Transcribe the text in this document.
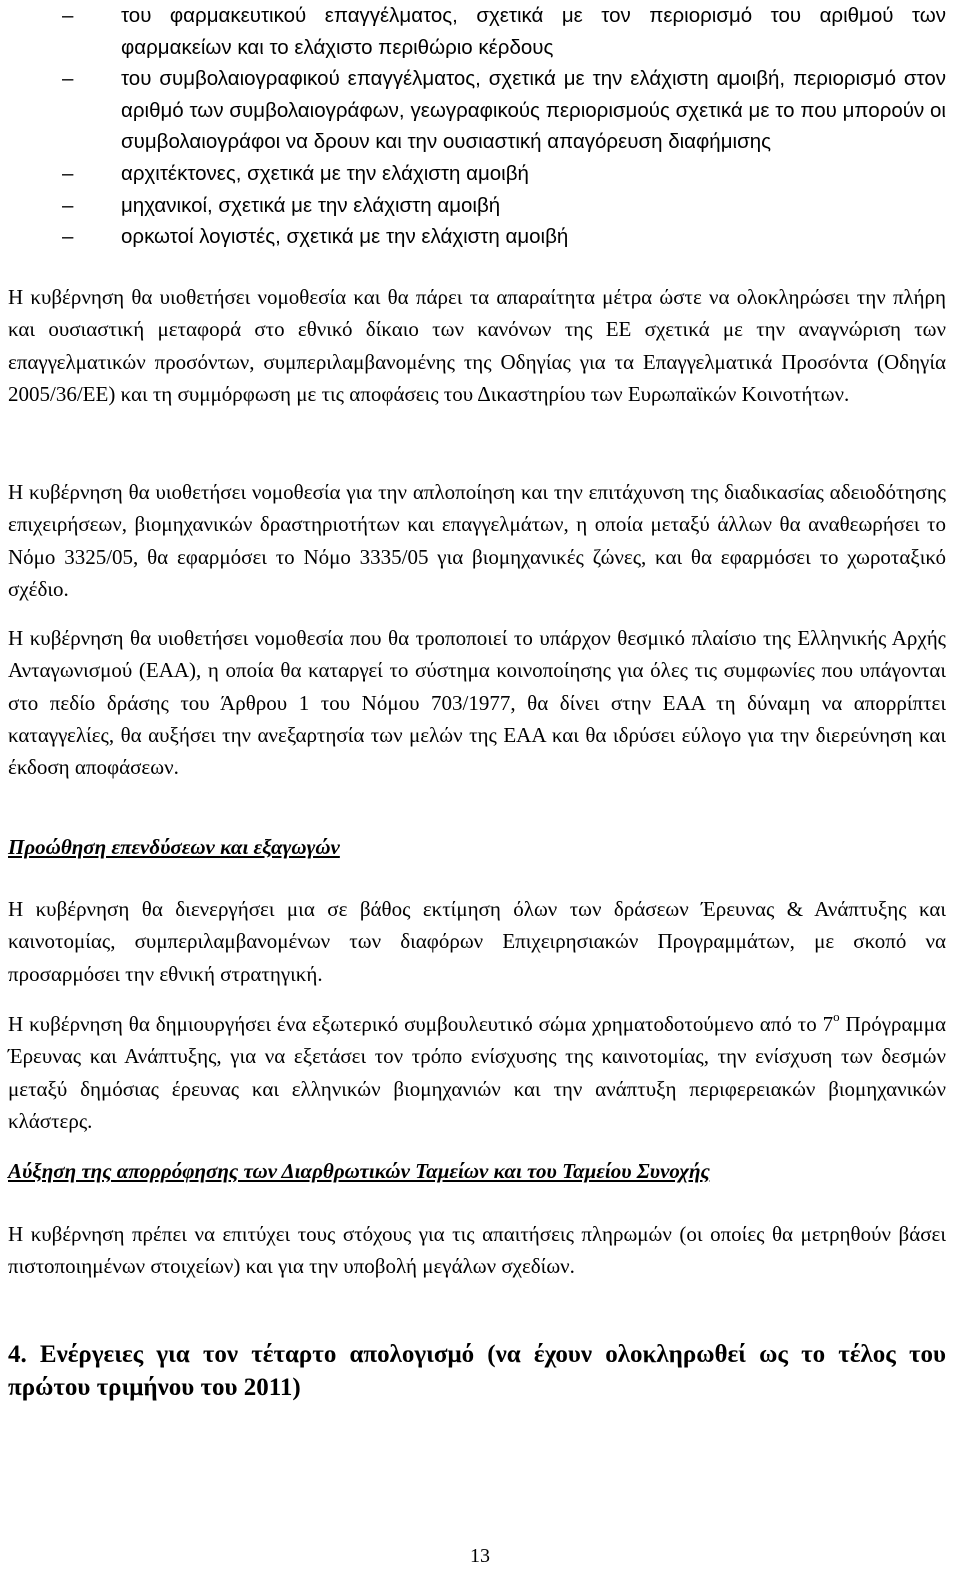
– του φαρμακευτικού επαγγέλματος, σχετικά με τον περιορισμό του αριθμού των φαρμακείων και το ελάχιστο περιθώριο κέρδους
– του συμβολαιογραφικού επαγγέλματος, σχετικά με την ελάχιστη αμοιβή, περιορισμό στον αριθμό των συμβολαιογράφων, γεωγραφικούς περιορισμούς σχετικά με το που μπορούν οι συμβολαιογράφοι να δρουν και την ουσιαστική απαγόρευση διαφήμισης
– αρχιτέκτονες, σχετικά με την ελάχιστη αμοιβή
– μηχανικοί, σχετικά με την ελάχιστη αμοιβή
– ορκωτοί λογιστές, σχετικά με την ελάχιστη αμοιβή

Η κυβέρνηση θα υιοθετήσει νομοθεσία και θα πάρει τα απαραίτητα μέτρα ώστε να ολοκληρώσει την πλήρη και ουσιαστική μεταφορά στο εθνικό δίκαιο των κανόνων της ΕΕ σχετικά με την αναγνώριση των επαγγελματικών προσόντων, συμπεριλαμβανομένης της Οδηγίας για τα Επαγγελματικά Προσόντα (Οδηγία 2005/36/ΕΕ) και τη συμμόρφωση με τις αποφάσεις του Δικαστηρίου των Ευρωπαϊκών Κοινοτήτων.

Η κυβέρνηση θα υιοθετήσει νομοθεσία για την απλοποίηση και την επιτάχυνση της διαδικασίας αδειοδότησης επιχειρήσεων, βιομηχανικών δραστηριοτήτων και επαγγελμάτων, η οποία μεταξύ άλλων θα αναθεωρήσει το Νόμο 3325/05, θα εφαρμόσει το Νόμο 3335/05 για βιομηχανικές ζώνες, και θα εφαρμόσει το χωροταξικό σχέδιο.

Η κυβέρνηση θα υιοθετήσει νομοθεσία που θα τροποποιεί το υπάρχον θεσμικό πλαίσιο της Ελληνικής Αρχής Ανταγωνισμού (ΕΑΑ), η οποία θα καταργεί το σύστημα κοινοποίησης για όλες τις συμφωνίες που υπάγονται στο πεδίο δράσης του Άρθρου 1 του Νόμου 703/1977, θα δίνει στην ΕΑΑ τη δύναμη να απορρίπτει καταγγελίες, θα αυξήσει την ανεξαρτησία των μελών της ΕΑΑ και θα ιδρύσει εύλογο για την διερεύνηση και έκδοση αποφάσεων.

Προώθηση επενδύσεων και εξαγωγών

Η κυβέρνηση θα διενεργήσει μια σε βάθος εκτίμηση όλων των δράσεων Έρευνας & Ανάπτυξης και καινοτομίας, συμπεριλαμβανομένων των διαφόρων Επιχειρησιακών Προγραμμάτων, με σκοπό να προσαρμόσει την εθνική στρατηγική.

Η κυβέρνηση θα δημιουργήσει ένα εξωτερικό συμβουλευτικό σώμα χρηματοδοτούμενο από το $7^o$ Πρόγραμμα Έρευνας και Ανάπτυξης, για να εξετάσει τον τρόπο ενίσχυσης της καινοτομίας, την ενίσχυση των δεσμών μεταξύ δημόσιας έρευνας και ελληνικών βιομηχανιών και την ανάπτυξη περιφερειακών βιομηχανικών κλάστερς.

Αύξηση της απορρόφησης των Διαρθρωτικών Ταμείων και του Ταμείου Συνοχής

Η κυβέρνηση πρέπει να επιτύχει τους στόχους για τις απαιτήσεις πληρωμών (οι οποίες θα μετρηθούν βάσει πιστοποιημένων στοιχείων) και για την υποβολή μεγάλων σχεδίων.

4. Ενέργειες για τον τέταρτο απολογισμό (να έχουν ολοκληρωθεί ως το τέλος του πρώτου τριμήνου του 2011)

13
